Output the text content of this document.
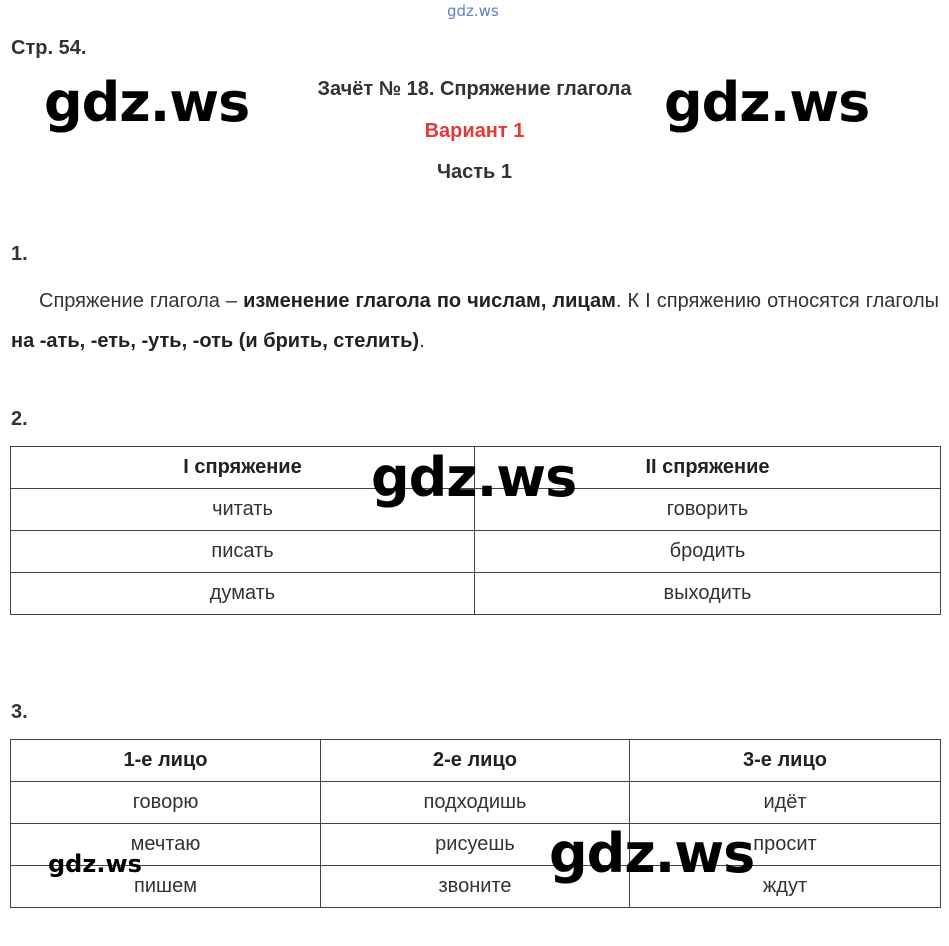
gdz.ws
Стр. 54.
Зачёт № 18. Спряжение глагола
Вариант 1
Часть 1
1.
Спряжение глагола – изменение глагола по числам, лицам. К I спряжению относятся глаголы на -ать, -еть, -уть, -оть (и брить, стелить).
2.
I спряжение	II спряжение
читать	говорить
писать	бродить
думать	выходить
3.
1-е лицо	2-е лицо	3-е лицо
говорю	подходишь	идёт
мечтаю	рисуешь	просит
пишем	звоните	ждут
gdz.ws	gdz.ws
gdz.ws
gdz.ws
gdz.ws
